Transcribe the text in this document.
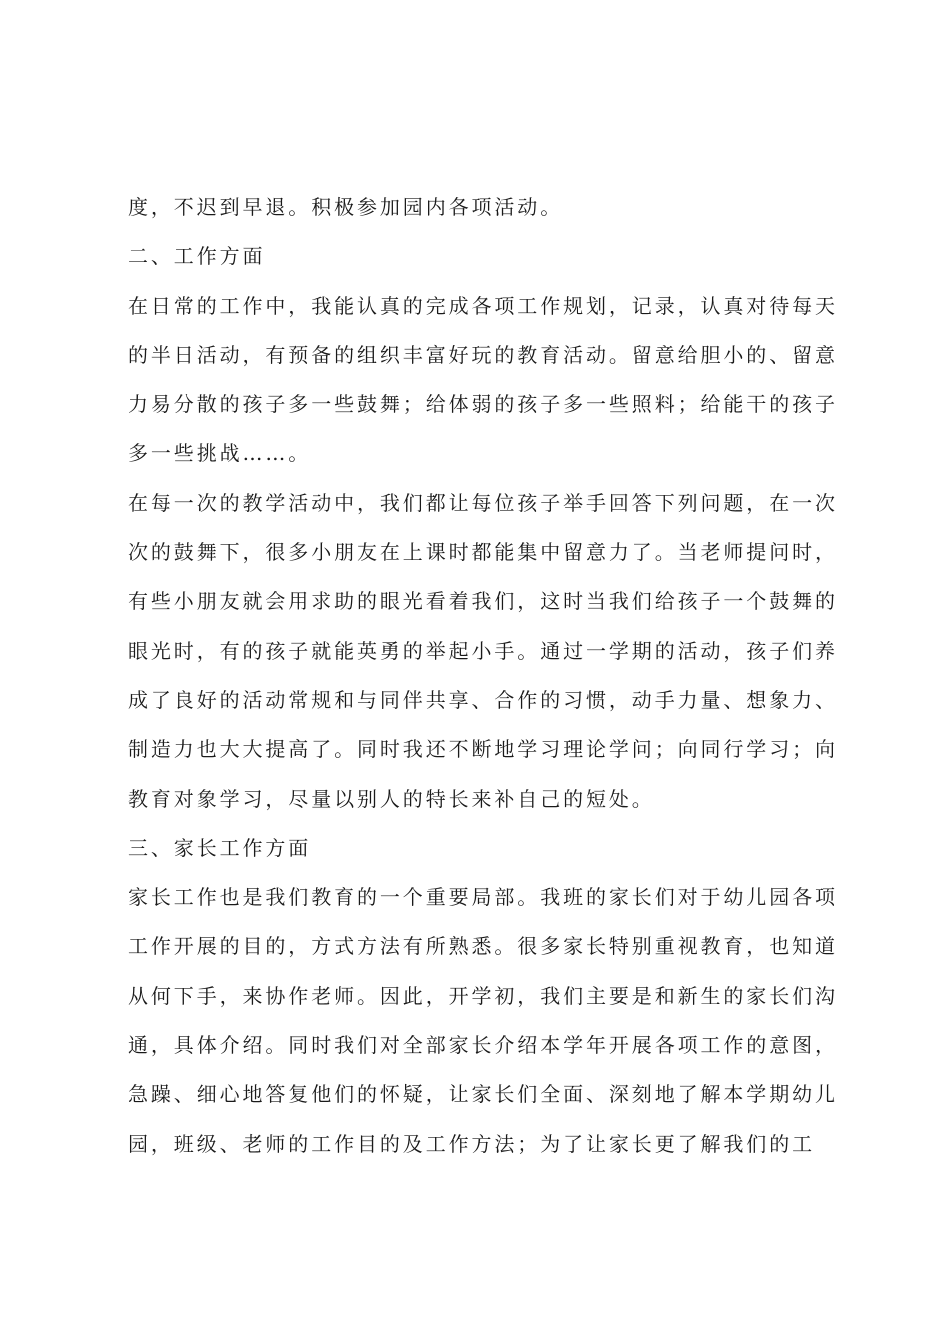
度，不迟到早退。积极参加园内各项活动。
二、工作方面
在日常的工作中，我能认真的完成各项工作规划，记录，认真对待每天
的半日活动，有预备的组织丰富好玩的教育活动。留意给胆小的、留意
力易分散的孩子多一些鼓舞；给体弱的孩子多一些照料；给能干的孩子
多一些挑战……。
在每一次的教学活动中，我们都让每位孩子举手回答下列问题，在一次
次的鼓舞下，很多小朋友在上课时都能集中留意力了。当老师提问时，
有些小朋友就会用求助的眼光看着我们，这时当我们给孩子一个鼓舞的
眼光时，有的孩子就能英勇的举起小手。通过一学期的活动，孩子们养
成了良好的活动常规和与同伴共享、合作的习惯，动手力量、想象力、
制造力也大大提高了。同时我还不断地学习理论学问；向同行学习；向
教育对象学习，尽量以别人的特长来补自己的短处。
三、家长工作方面
家长工作也是我们教育的一个重要局部。我班的家长们对于幼儿园各项
工作开展的目的，方式方法有所熟悉。很多家长特别重视教育，也知道
从何下手，来协作老师。因此，开学初，我们主要是和新生的家长们沟
通，具体介绍。同时我们对全部家长介绍本学年开展各项工作的意图，
急躁、细心地答复他们的怀疑，让家长们全面、深刻地了解本学期幼儿
园，班级、老师的工作目的及工作方法；为了让家长更了解我们的工
